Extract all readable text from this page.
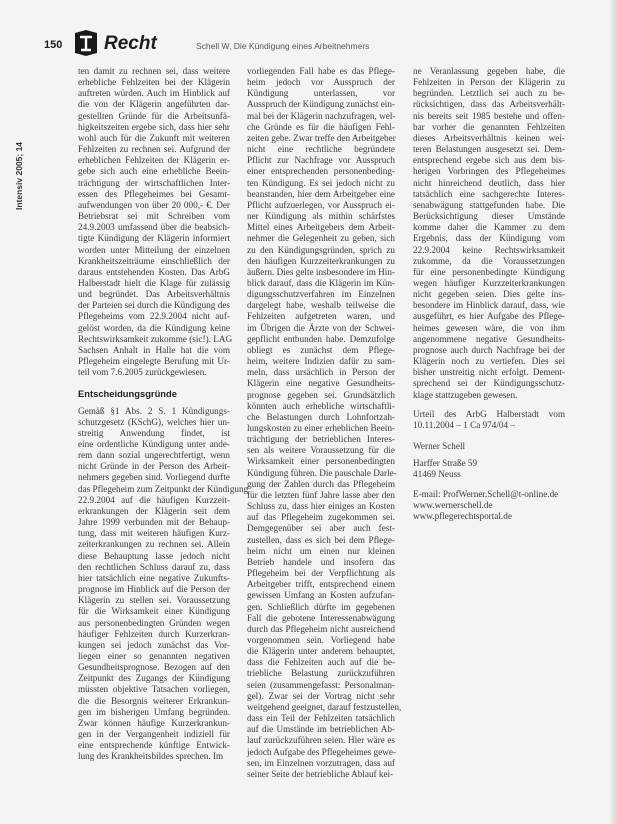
150 Recht	Schell W, Die Kündigung eines Arbeitnehmers
Intensiv 2005; 14
ten damit zu rechnen sei, dass weitere
erhebliche Fehlzeiten bei der Klägerin
auftreten würden. Auch im Hinblick auf
die von der Klägerin angeführten dar-
gestellten Gründe für die Arbeitsunfä-
higkeitszeiten ergebe sich, dass hier sehr
wohl auch für die Zukunft mit weiteren
Fehlzeiten zu rechnen sei. Aufgrund der
erheblichen Fehlzeiten der Klägerin er-
gebe sich auch eine erhebliche Beein-
trächtigung der wirtschaftlichen Inter-
essen des Pflegeheimes bei Gesamt-
aufwendungen von über 20 000,- €. Der
Betriebsrat sei mit Schreiben vom
24.9.2003 umfassend über die beabsich-
tigte Kündigung der Klägerin informiert
worden unter Mitteilung der einzelnen
Krankheitszeiträume einschließlich der
daraus entstehenden Kosten. Das ArbG
Halberstadt hielt die Klage für zulässig
und begründet. Das Arbeitsverhältnis
der Parteien sei durch die Kündigung des
Pflegeheims vom 22.9.2004 nicht auf-
gelöst worden, da die Kündigung keine
Rechtswirksamkeit zukomme (sic!). LAG
Sachsen Anhalt in Halle hat die vom
Pflegeheim eingelegte Berufung mit Ur-
teil vom 7.6.2005 zurückgewiesen.
Entscheidungsgründe
Gemäß §1 Abs. 2 S. 1 Kündigungs-
schutzgesetz (KSchG), welches hier un-
streitig Anwendung findet, ist
eine ordentliche Kündigung unter ande-
rem dann sozial ungerechtfertigt, wenn
nicht Gründe in der Person des Arbeit-
nehmers gegeben sind. Vorliegend durfte
das Pflegeheim zum Zeitpunkt der Kündigung
22.9.2004 auf die häufigen Kurzzeit-
erkrankungen der Klägerin seit dem
Jahre 1999 verbunden mit der Behaup-
tung, dass mit weiteren häufigen Kurz-
zeiterkrankungen zu rechnen sei. Allein
diese Behauptung lasse jedoch nicht
den rechtlichen Schluss darauf zu, dass
hier tatsächlich eine negative Zukunfts-
prognose im Hinblick auf die Person der
Klägerin zu stellen sei. Voraussetzung
für die Wirksamkeit einer Kündigung
aus personenbedingten Gründen wegen
häufiger Fehlzeiten durch Kurzerkran-
kungen sei jedoch zunächst das Vor-
liegen einer so genannten negativen
Gesundheitsprognose. Bezogen auf den
Zeitpunkt des Zugangs der Kündigung
müssten objektive Tatsachen vorliegen,
die die Besorgnis weiterer Erkrankun-
gen im bisherigen Umfang begründen.
Zwar können häufige Kurzerkrankun-
gen in der Vergangenheit indiziell für
eine entsprechende künftige Entwick-
lung des Krankheitsbildes sprechen. Im
vorliegenden Fall habe es das Pflege-
heim jedoch vor Ausspruch der
Kündigung unterlassen, vor
Ausspruch der Kündigung zunächst ein-
mal bei der Klägerin nachzufragen, wel-
che Gründe es für die häufigen Fehl-
zeiten gebe. Zwar treffe den Arbeitgeber
nicht eine rechtliche begründete
Pflicht zur Nachfrage vor Ausspruch
einer entsprechenden personenbeding-
ten Kündigung. Es sei jedoch nicht zu
beanstanden, hier dem Arbeitgeber eine
Pflicht aufzuerlegen, vor Ausspruch ei-
ner Kündigung als mithin schärfstes
Mittel eines Arbeitgebers dem Arbeit-
nehmer die Gelegenheit zu geben, sich
zu den Kündigungsgründen, sprich zu
den häufigen Kurzzeiterkrankungen zu
äußern. Dies gelte insbesondere im Hin-
blick darauf, dass die Klägerin im Kün-
digungsschutzverfahren im Einzelnen
dargelegt habe, weshalb teilweise die
Fehlzeiten aufgetreten waren, und
im Übrigen die Ärzte von der Schwei-
gepflicht entbunden habe. Demzufolge
obliegt es zunächst dem Pflege-
heim, weitere Indizien dafür zu sam-
meln, dass ursächlich in Person der
Klägerin eine negative Gesundheits-
prognose gegeben sei. Grundsätzlich
könnten auch erhebliche wirtschaftli-
che Belastungen durch Lohnfortzah-
lungskosten zu einer erheblichen Beein-
trächtigung der betrieblichen Interes-
sen als weitere Voraussetzung für die
Wirksamkeit einer personenbedingten
Kündigung führen. Die pauschale Darle-
gung der Zahlen durch das Pflegeheim
für die letzten fünf Jahre lasse aber den
Schluss zu, dass hier einiges an Kosten
auf das Pflegeheim zugekommen sei.
Demgegenüber sei aber auch fest-
zustellen, dass es sich bei dem Pflege-
heim nicht um einen nur kleinen
Betrieb handele und insofern das
Pflegeheim bei der Verpflichtung als
Arbeitgeber trifft, entsprechend einem
gewissen Umfang an Kosten aufzufan-
gen. Schließlich dürfte im gegebenen
Fall die gebotene Interessenabwägung
durch das Pflegeheim nicht ausreichend
vorgenommen sein. Vorliegend habe
die Klägerin unter anderem behauptet,
dass die Fehlzeiten auch auf die be-
triebliche Belastung zurückzuführen
seien (zusammengefasst: Personalman-
gel). Zwar sei der Vortrag nicht sehr
weitgehend geeignet, darauf festzustellen,
dass ein Teil der Fehlzeiten tatsächlich
auf die Umstände im betrieblichen Ab-
lauf zurückzuführen seien. Hier wäre es
jedoch Aufgabe des Pflegeheimes gewe-
sen, im Einzelnen vorzutragen, dass auf
seiner Seite der betriebliche Ablauf kei-
ne Veranlassung gegeben habe, die
Fehlzeiten in Person der Klägerin zu
begründen. Letztlich sei auch zu be-
rücksichtigen, dass das Arbeitsverhält-
nis bereits seit 1985 bestehe und offen-
bar vorher die genannten Fehlzeiten
dieses Arbeitsverhältnis keinen wei-
teren Belastungen ausgesetzt sei. Dem-
entsprechend ergebe sich aus dem bis-
herigen Vorbringen des Pflegeheimes
nicht hinreichend deutlich, dass hier
tatsächlich eine sachgerechte Interes-
senabwägung stattgefunden habe. Die
Berücksichtigung dieser Umstände
komme daher die Kammer zu dem
Ergebnis, dass der Kündigung vom
22.9.2004 keine Rechtswirksamkeit
zukomme, da die Voraussetzungen
für eine personenbedingte Kündigung
wegen häufiger Kurzzeiterkrankungen
nicht gegeben seien. Dies gelte ins-
besondere im Hinblick darauf, dass, wie
ausgeführt, es hier Aufgabe des Pflege-
heimes gewesen wäre, die von ihm
angenommene negative Gesundheits-
prognose auch durch Nachfrage bei der
Klägerin noch zu vertiefen. Dies sei
bisher unstreitig nicht erfolgt. Dement-
sprechend sei der Kündigungsschutz-
klage stattzugeben gewesen.
Urteil des ArbG Halberstadt vom
10.11.2004 – 1 Ca 974/04 –
Werner Schell
Harffer Straße 59
41469 Neuss
E-mail: ProfWerner.Schell@t-online.de
www.wernerschell.de
www.pflegerechtsportal.de
